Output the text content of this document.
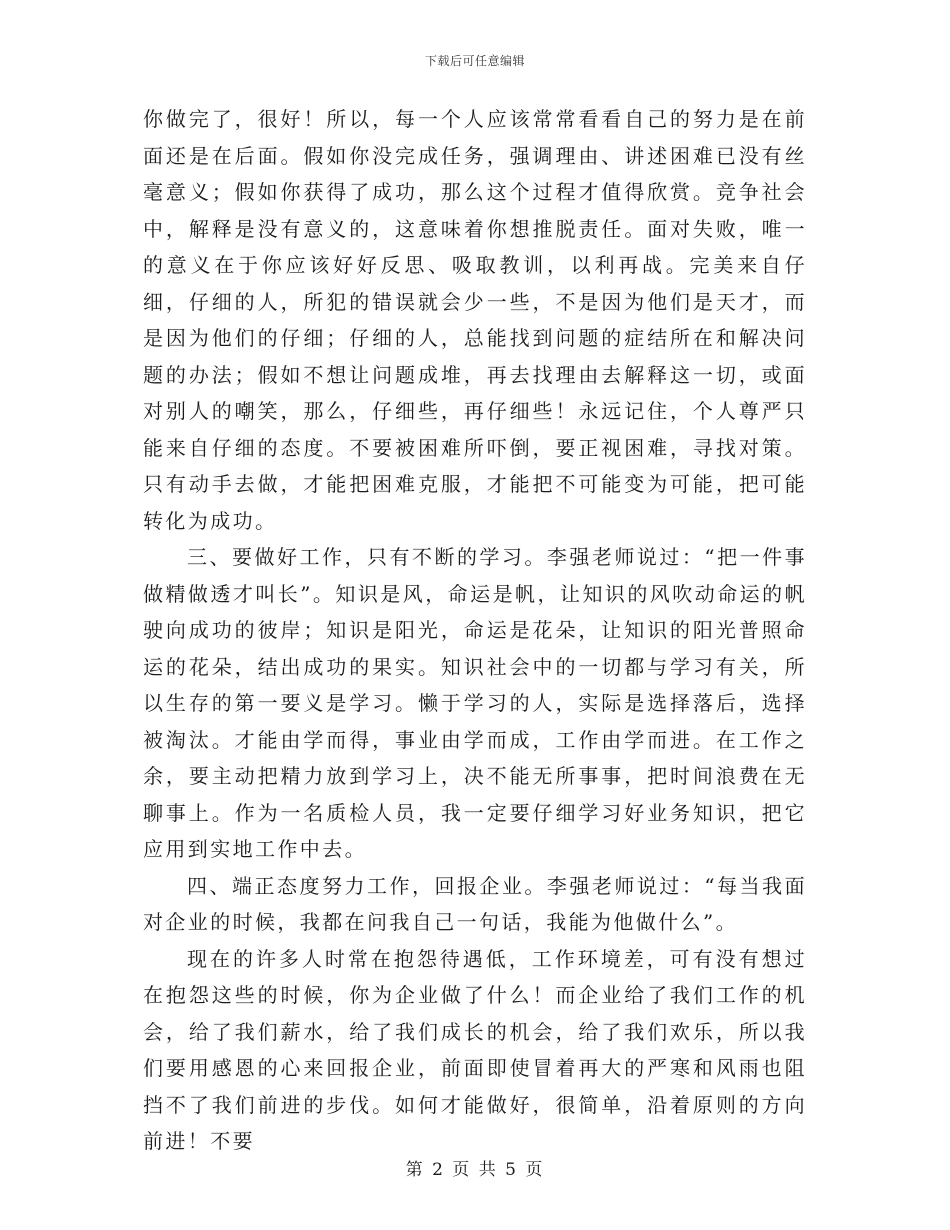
下载后可任意编辑

你做完了，很好！所以，每一个人应该常常看看自己的努力是在前面还是在后面。假如你没完成任务，强调理由、讲述困难已没有丝毫意义；假如你获得了成功，那么这个过程才值得欣赏。竞争社会中，解释是没有意义的，这意味着你想推脱责任。面对失败，唯一的意义在于你应该好好反思、吸取教训，以利再战。完美来自仔细，仔细的人，所犯的错误就会少一些，不是因为他们是天才，而是因为他们的仔细；仔细的人，总能找到问题的症结所在和解决问题的办法；假如不想让问题成堆，再去找理由去解释这一切，或面对别人的嘲笑，那么，仔细些，再仔细些！永远记住，个人尊严只能来自仔细的态度。不要被困难所吓倒，要正视困难，寻找对策。只有动手去做，才能把困难克服，才能把不可能变为可能，把可能转化为成功。

三、要做好工作，只有不断的学习。李强老师说过：“把一件事做精做透才叫长”。知识是风，命运是帆，让知识的风吹动命运的帆驶向成功的彼岸；知识是阳光，命运是花朵，让知识的阳光普照命运的花朵，结出成功的果实。知识社会中的一切都与学习有关，所以生存的第一要义是学习。懒于学习的人，实际是选择落后，选择被淘汰。才能由学而得，事业由学而成，工作由学而进。在工作之余，要主动把精力放到学习上，决不能无所事事，把时间浪费在无聊事上。作为一名质检人员，我一定要仔细学习好业务知识，把它应用到实地工作中去。

四、端正态度努力工作，回报企业。李强老师说过：“每当我面对企业的时候，我都在问我自己一句话，我能为他做什么”。

现在的许多人时常在抱怨待遇低，工作环境差，可有没有想过在抱怨这些的时候，你为企业做了什么！而企业给了我们工作的机会，给了我们薪水，给了我们成长的机会，给了我们欢乐，所以我们要用感恩的心来回报企业，前面即使冒着再大的严寒和风雨也阻挡不了我们前进的步伐。如何才能做好，很简单，沿着原则的方向前进！不要

第 2 页 共 5 页
